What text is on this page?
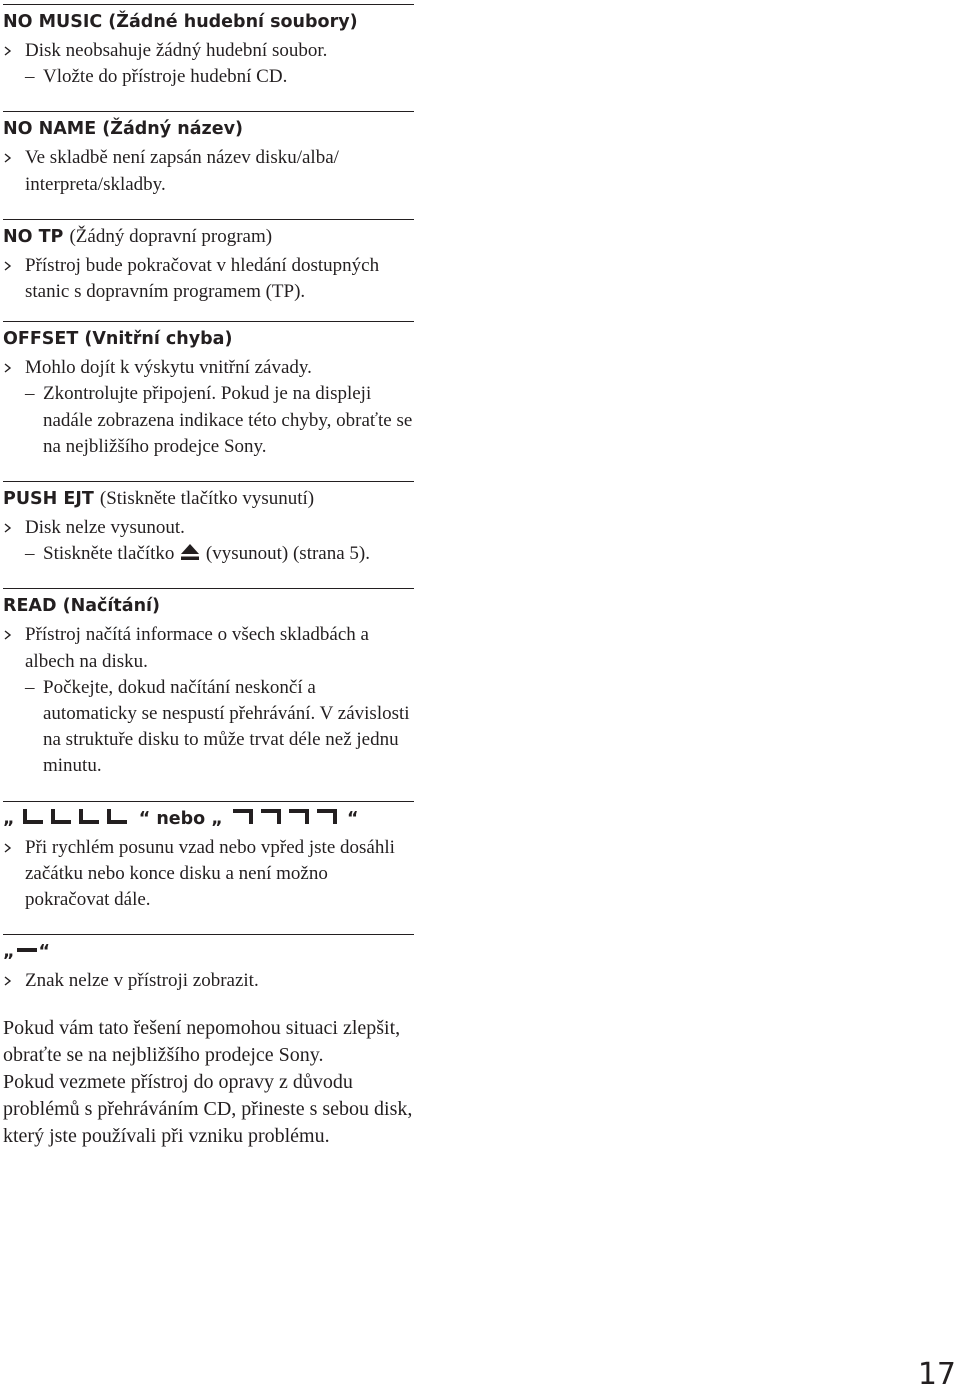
NO MUSIC (Žádné hudební soubory)
Disk neobsahuje žádný hudební soubor.
– Vložte do přístroje hudební CD.
NO NAME (Žádný název)
Ve skladbě není zapsán název disku/alba/ interpreta/skladby.
NO TP (Žádný dopravní program)
Přístroj bude pokračovat v hledání dostupných stanic s dopravním programem (TP).
OFFSET (Vnitřní chyba)
Mohlo dojít k výskytu vnitřní závady.
– Zkontrolujte připojení. Pokud je na displeji nadále zobrazena indikace této chyby, obraťte se na nejbližšího prodejce Sony.
PUSH EJT (Stiskněte tlačítko vysunutí)
Disk nelze vysunout.
– Stiskněte tlačítko (vysunout) (strana 5).
READ (Načítání)
Přístroj načítá informace o všech skladbách a albech na disku.
– Počkejte, dokud načítání neskončí a automaticky se nespustí přehrávání. V závislosti na struktuře disku to může trvat déle než jednu minutu.
„	“ nebo „	“
Při rychlém posunu vzad nebo vpřed jste dosáhli začátku nebo konce disku a není možno pokračovat dále.
„ “
Znak nelze v přístroji zobrazit.
Pokud vám tato řešení nepomohou situaci zlepšit, obraťte se na nejbližšího prodejce Sony.
Pokud vezmete přístroj do opravy z důvodu problémů s přehráváním CD, přineste s sebou disk, který jste používali při vzniku problému.
17
